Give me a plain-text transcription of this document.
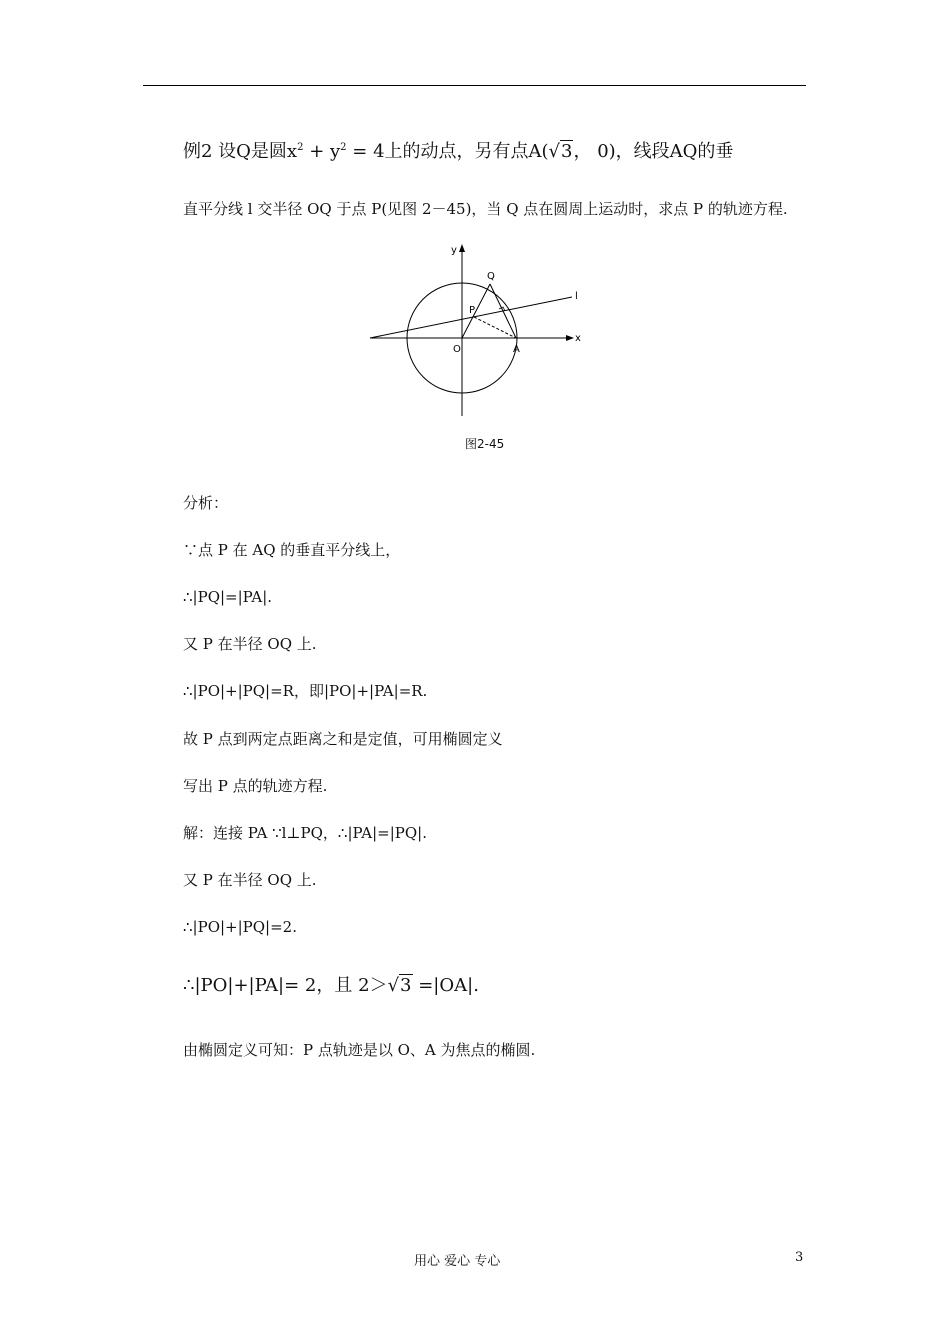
例2 设Q是圆$x^2 + y^2 = 4$上的动点，另有点A(√3， 0)，线段AQ的垂
直平分线 l 交半径 OQ 于点 P(见图 2－45)，当 Q 点在圆周上运动时，求点 P 的轨迹方程.
y
x
Q
P
O	A
l
图2-45
分析：
∵点 P 在 AQ 的垂直平分线上，
∴|PQ|=|PA|.
又 P 在半径 OQ 上.
∴|PO|+|PQ|=R，即|PO|+|PA|=R.
故 P 点到两定点距离之和是定值，可用椭圆定义
写出 P 点的轨迹方程.
解：连接 PA ∵l⊥PQ，∴|PA|=|PQ|.
又 P 在半径 OQ 上.
∴|PO|+|PQ|=2.
∴|PO|+|PA|= 2，且 2＞√3 =|OA|.
由椭圆定义可知：P 点轨迹是以 O、A 为焦点的椭圆.
用心 爱心 专心	3
